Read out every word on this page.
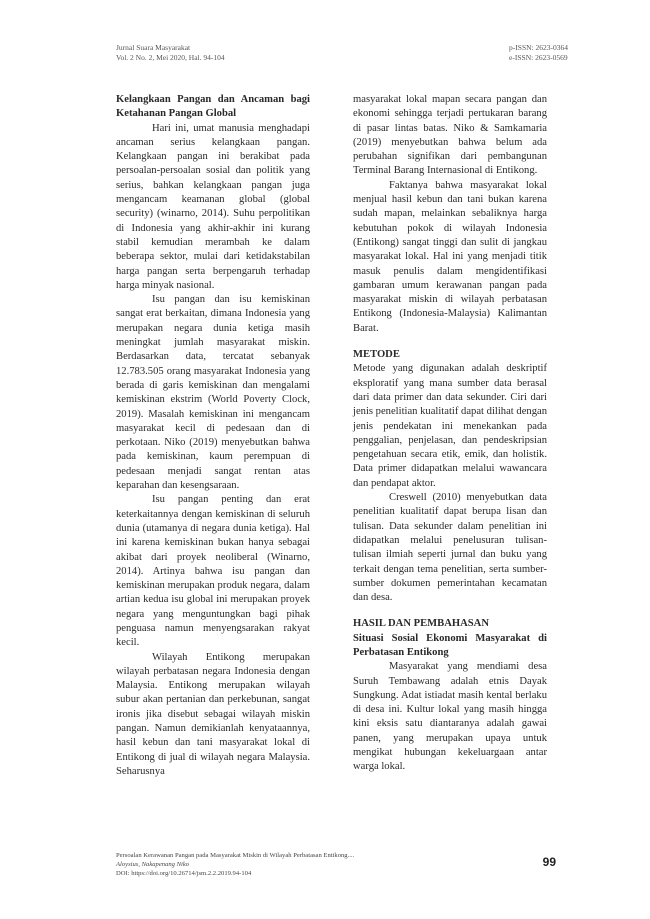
Jurnal Suara Masyarakat
Vol. 2 No. 2, Mei 2020, Hal. 94-104
p-ISSN: 2623-0364
e-ISSN: 2623-0569

Kelangkaan Pangan dan Ancaman bagi Ketahanan Pangan Global

Hari ini, umat manusia menghadapi ancaman serius kelangkaan pangan. Kelangkaan pangan ini berakibat pada persoalan-persoalan sosial dan politik yang serius, bahkan kelangkaan pangan juga mengancam keamanan global (global security) (winarno, 2014). Suhu perpolitikan di Indonesia yang akhir-akhir ini kurang stabil kemudian merambah ke dalam beberapa sektor, mulai dari ketidakstabilan harga pangan serta berpengaruh terhadap harga minyak nasional.

Isu pangan dan isu kemiskinan sangat erat berkaitan, dimana Indonesia yang merupakan negara dunia ketiga masih meningkat jumlah masyarakat miskin. Berdasarkan data, tercatat sebanyak 12.783.505 orang masyarakat Indonesia yang berada di garis kemiskinan dan mengalami kemiskinan ekstrim (World Poverty Clock, 2019). Masalah kemiskinan ini mengancam masyarakat kecil di pedesaan dan di perkotaan. Niko (2019) menyebutkan bahwa pada kemiskinan, kaum perempuan di pedesaan menjadi sangat rentan atas keparahan dan kesengsaraan.

Isu pangan penting dan erat keterkaitannya dengan kemiskinan di seluruh dunia (utamanya di negara dunia ketiga). Hal ini karena kemiskinan bukan hanya sebagai akibat dari proyek neoliberal (Winarno, 2014). Artinya bahwa isu pangan dan kemiskinan merupakan produk negara, dalam artian kedua isu global ini merupakan proyek negara yang menguntungkan bagi pihak penguasa namun menyengsarakan rakyat kecil.

Wilayah Entikong merupakan wilayah perbatasan negara Indonesia dengan Malaysia. Entikong merupakan wilayah subur akan pertanian dan perkebunan, sangat ironis jika disebut sebagai wilayah miskin pangan. Namun demikianlah kenyataannya, hasil kebun dan tani masyarakat lokal di Entikong di jual di wilayah negara Malaysia. Seharusnya

masyarakat lokal mapan secara pangan dan ekonomi sehingga terjadi pertukaran barang di pasar lintas batas. Niko & Samkamaria (2019) menyebutkan bahwa belum ada perubahan signifikan dari pembangunan Terminal Barang Internasional di Entikong.

Faktanya bahwa masyarakat lokal menjual hasil kebun dan tani bukan karena sudah mapan, melainkan sebaliknya harga kebutuhan pokok di wilayah Indonesia (Entikong) sangat tinggi dan sulit di jangkau masyarakat lokal. Hal ini yang menjadi titik masuk penulis dalam mengidentifikasi gambaran umum kerawanan pangan pada masyarakat miskin di wilayah perbatasan Entikong (Indonesia-Malaysia) Kalimantan Barat.

METODE

Metode yang digunakan adalah deskriptif eksploratif yang mana sumber data berasal dari data primer dan data sekunder. Ciri dari jenis penelitian kualitatif dapat dilihat dengan jenis pendekatan ini menekankan pada penggalian, penjelasan, dan pendeskripsian pengetahuan secara etik, emik, dan holistik. Data primer didapatkan melalui wawancara dan pendapat aktor.

Creswell (2010) menyebutkan data penelitian kualitatif dapat berupa lisan dan tulisan. Data sekunder dalam penelitian ini didapatkan melalui penelusuran tulisan-tulisan ilmiah seperti jurnal dan buku yang terkait dengan tema penelitian, serta sumber-sumber dokumen pemerintahan kecamatan dan desa.

HASIL DAN PEMBAHASAN

Situasi Sosial Ekonomi Masyarakat di Perbatasan Entikong

Masyarakat yang mendiami desa Suruh Tembawang adalah etnis Dayak Sungkung. Adat istiadat masih kental berlaku di desa ini. Kultur lokal yang masih hingga kini eksis satu diantaranya adalah gawai panen, yang merupakan upaya untuk mengikat hubungan kekeluargaan antar warga lokal.

Persoalan Kerawanan Pangan pada Masyarakat Miskin di Wilayah Perbatasan Entikong....
Aloysius, Nakapenang Niko
DOI: https://doi.org/10.26714/jsm.2.2.2019.94-104
99
